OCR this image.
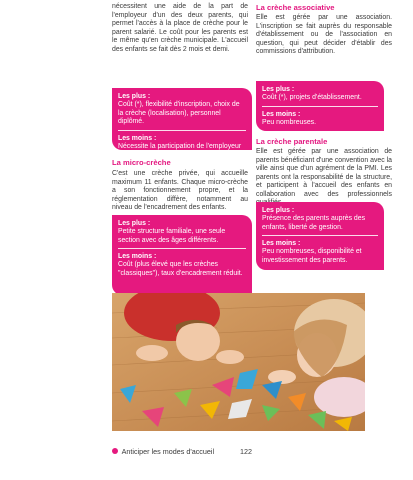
nécessitent une aide de la part de l'employeur d'un des deux parents, qui permet l'accès à la place de crèche pour le parent salarié. Le coût pour les parents est le même qu'en crèche municipale. L'accueil des enfants se fait dès 2 mois et demi.

Les plus :
Coût (*), flexibilité d'inscription, choix de la crèche (localisation), personnel diplômé.
Les moins :
Nécessite la participation de l'employeur (et donc une sensibilisation au sujet).
La micro-crèche

C'est une crèche privée, qui accueille maximum 11 enfants. Chaque micro-crèche a son fonctionnement propre, et la réglementation diffère, notamment au niveau de l'encadrement des enfants.

Les plus :
Petite structure familiale, une seule section avec des âges différents.
Les moins :
Coût (plus élevé que les crèches "classiques"), taux d'encadrement réduit.
La crèche associative

Elle est gérée par une association. L'inscription se fait auprès du responsable d'établissement ou de l'association en question, qui peut décider d'établir des commissions d'attribution.

Les plus :
Coût (*), projets d'établissement.
Les moins :
Peu nombreuses.
La crèche parentale

Elle est gérée par une association de parents bénéficiant d'une convention avec la ville ainsi que d'un agrément de la PMI. Les parents ont la responsabilité de la structure, et participent à l'accueil des enfants en collaboration avec des professionnels

Les plus :
Présence des parents auprès des enfants, liberté de gestion.
Les moins :
Peu nombreuses, disponibilité et investissement des parents.
Anticiper les modes d'accueil	122
